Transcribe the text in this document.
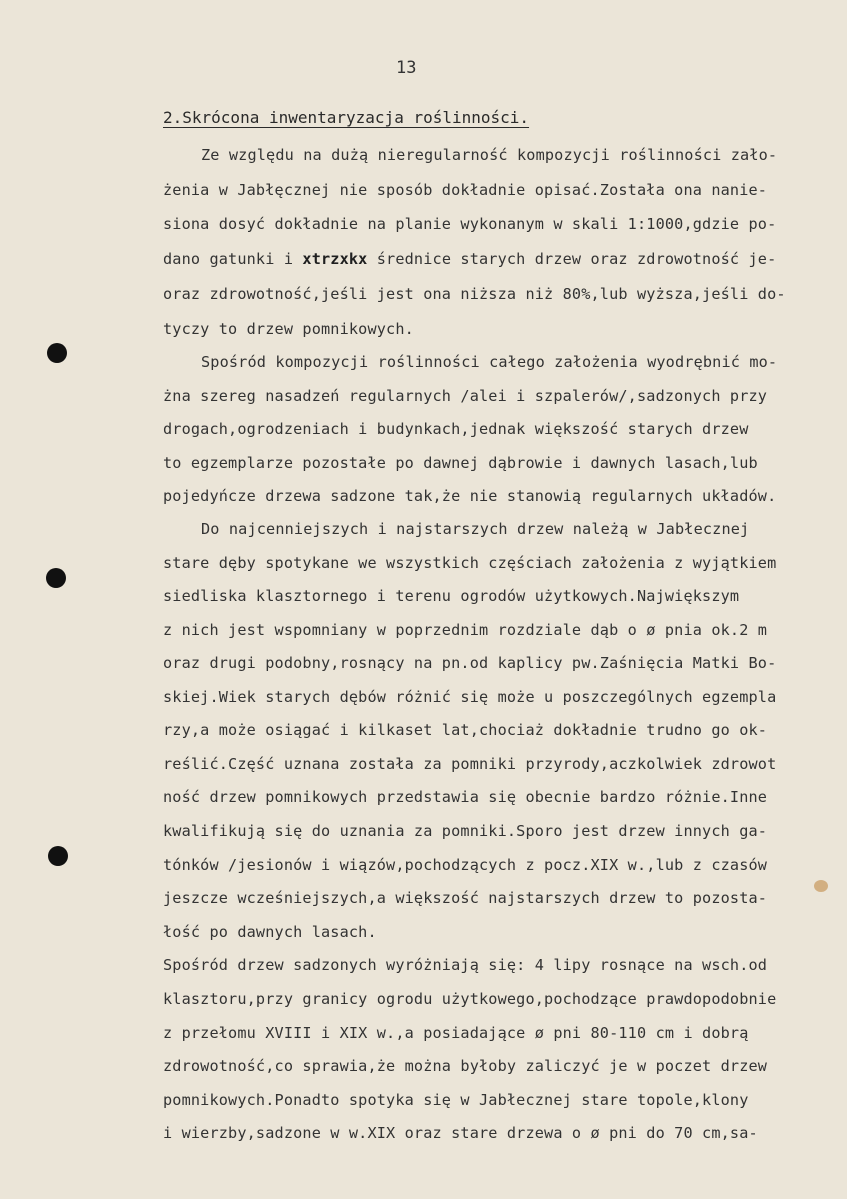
13
2.Skrócona inwentaryzacja roślinności.
Ze względu na dużą nieregularność kompozycji roślinności zało-
żenia w Jabłęcznej nie sposób dokładnie opisać.Została ona nanie-
siona dosyć dokładnie na planie wykonanym w skali 1:1000,gdzie po-
dano gatunki i xtrzxkx średnice starych drzew oraz zdrowotność je-
oraz zdrowotność,jeśli jest ona niższa niż 80%,lub wyższa,jeśli do-
tyczy to drzew pomnikowych.
Spośród kompozycji roślinności całego założenia wyodrębnić mo-
żna szereg nasadzeń regularnych /alei i szpalerów/,sadzonych przy
drogach,ogrodzeniach i budynkach,jednak większość starych drzew
to egzemplarze pozostałe po dawnej dąbrowie i dawnych lasach,lub
pojedyńcze drzewa sadzone tak,że nie stanowią regularnych układów.
Do najcenniejszych i najstarszych drzew należą w Jabłecznej
stare dęby spotykane we wszystkich częściach założenia z wyjątkiem
siedliska klasztornego i terenu ogrodów użytkowych.Największym
z nich jest wspomniany w poprzednim rozdziale dąb o ø pnia ok.2 m
oraz drugi podobny,rosnący na pn.od kaplicy pw.Zaśnięcia Matki Bo-
skiej.Wiek starych dębów różnić się może u poszczególnych egzempla
rzy,a może osiągać i kilkaset lat,chociaż dokładnie trudno go ok-
reślić.Część uznana została za pomniki przyrody,aczkolwiek zdrowot
ność drzew pomnikowych przedstawia się obecnie bardzo różnie.Inne
kwalifikują się do uznania za pomniki.Sporo jest drzew innych ga-
tónków /jesionów i wiązów,pochodzących z pocz.XIX w.,lub z czasów
jeszcze wcześniejszych,a większość najstarszych drzew to pozosta-
łość po dawnych lasach.
Spośród drzew sadzonych wyróżniają się: 4 lipy rosnące na wsch.od
klasztoru,przy granicy ogrodu użytkowego,pochodzące prawdopodobnie
z przełomu XVIII i XIX w.,a posiadające ø pni 80-110 cm i dobrą
zdrowotność,co sprawia,że można byłoby zaliczyć je w poczet drzew
pomnikowych.Ponadto spotyka się w Jabłecznej stare topole,klony
i wierzby,sadzone w w.XIX oraz stare drzewa o ø pni do 70 cm,sa-
